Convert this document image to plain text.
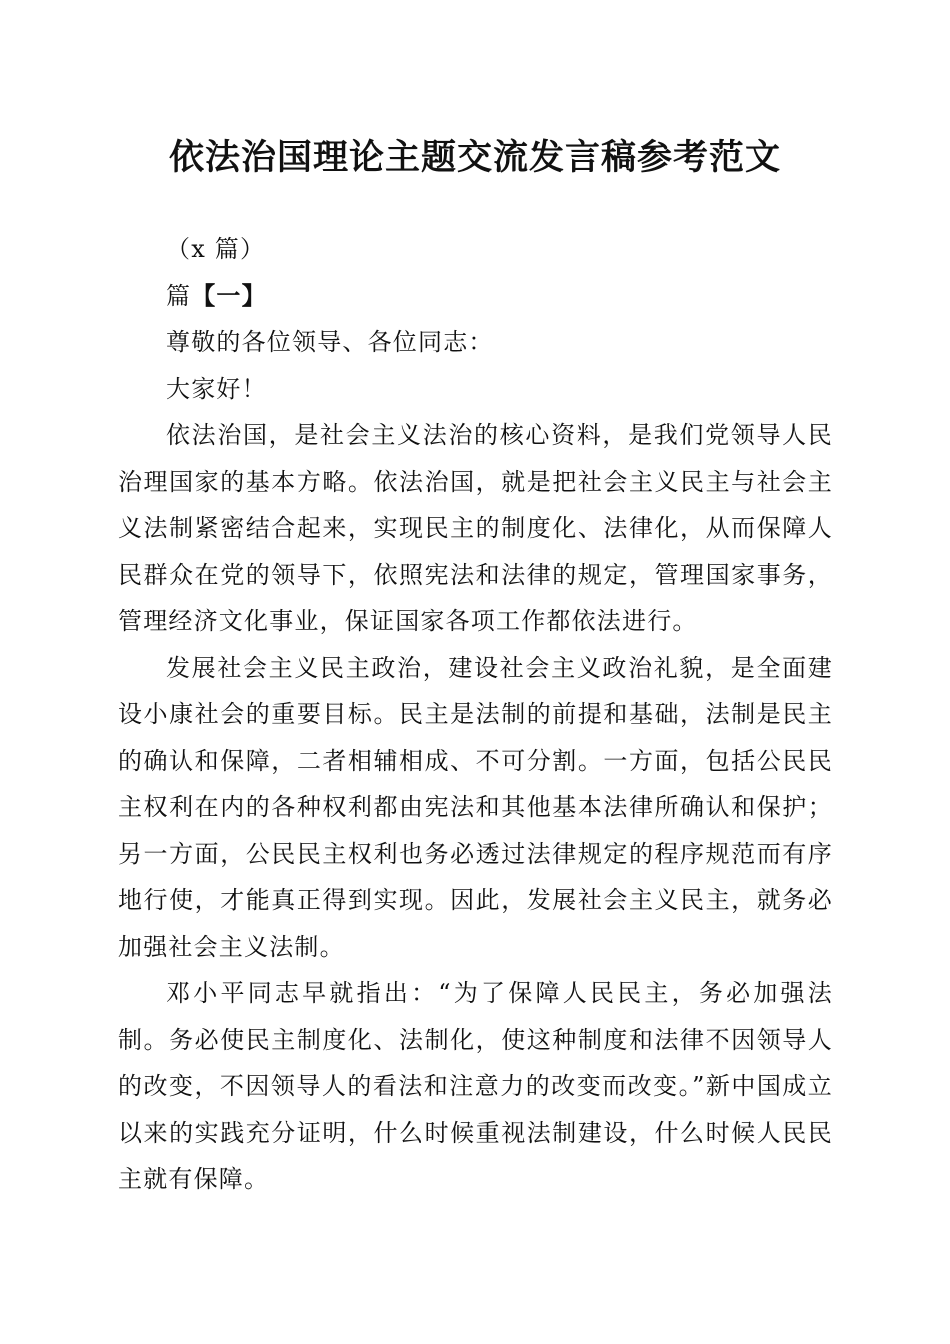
依法治国理论主题交流发言稿参考范文

（x 篇）

篇【一】

尊敬的各位领导、各位同志：

大家好！

依法治国，是社会主义法治的核心资料，是我们党领导人民治理国家的基本方略。依法治国，就是把社会主义民主与社会主义法制紧密结合起来，实现民主的制度化、法律化，从而保障人民群众在党的领导下，依照宪法和法律的规定，管理国家事务，管理经济文化事业，保证国家各项工作都依法进行。

发展社会主义民主政治，建设社会主义政治礼貌，是全面建设小康社会的重要目标。民主是法制的前提和基础，法制是民主的确认和保障，二者相辅相成、不可分割。一方面，包括公民民主权利在内的各种权利都由宪法和其他基本法律所确认和保护；另一方面，公民民主权利也务必透过法律规定的程序规范而有序地行使，才能真正得到实现。因此，发展社会主义民主，就务必加强社会主义法制。

邓小平同志早就指出：“为了保障人民民主，务必加强法制。务必使民主制度化、法制化，使这种制度和法律不因领导人的改变，不因领导人的看法和注意力的改变而改变。”新中国成立以来的实践充分证明，什么时候重视法制建设，什么时候人民民主就有保障。
